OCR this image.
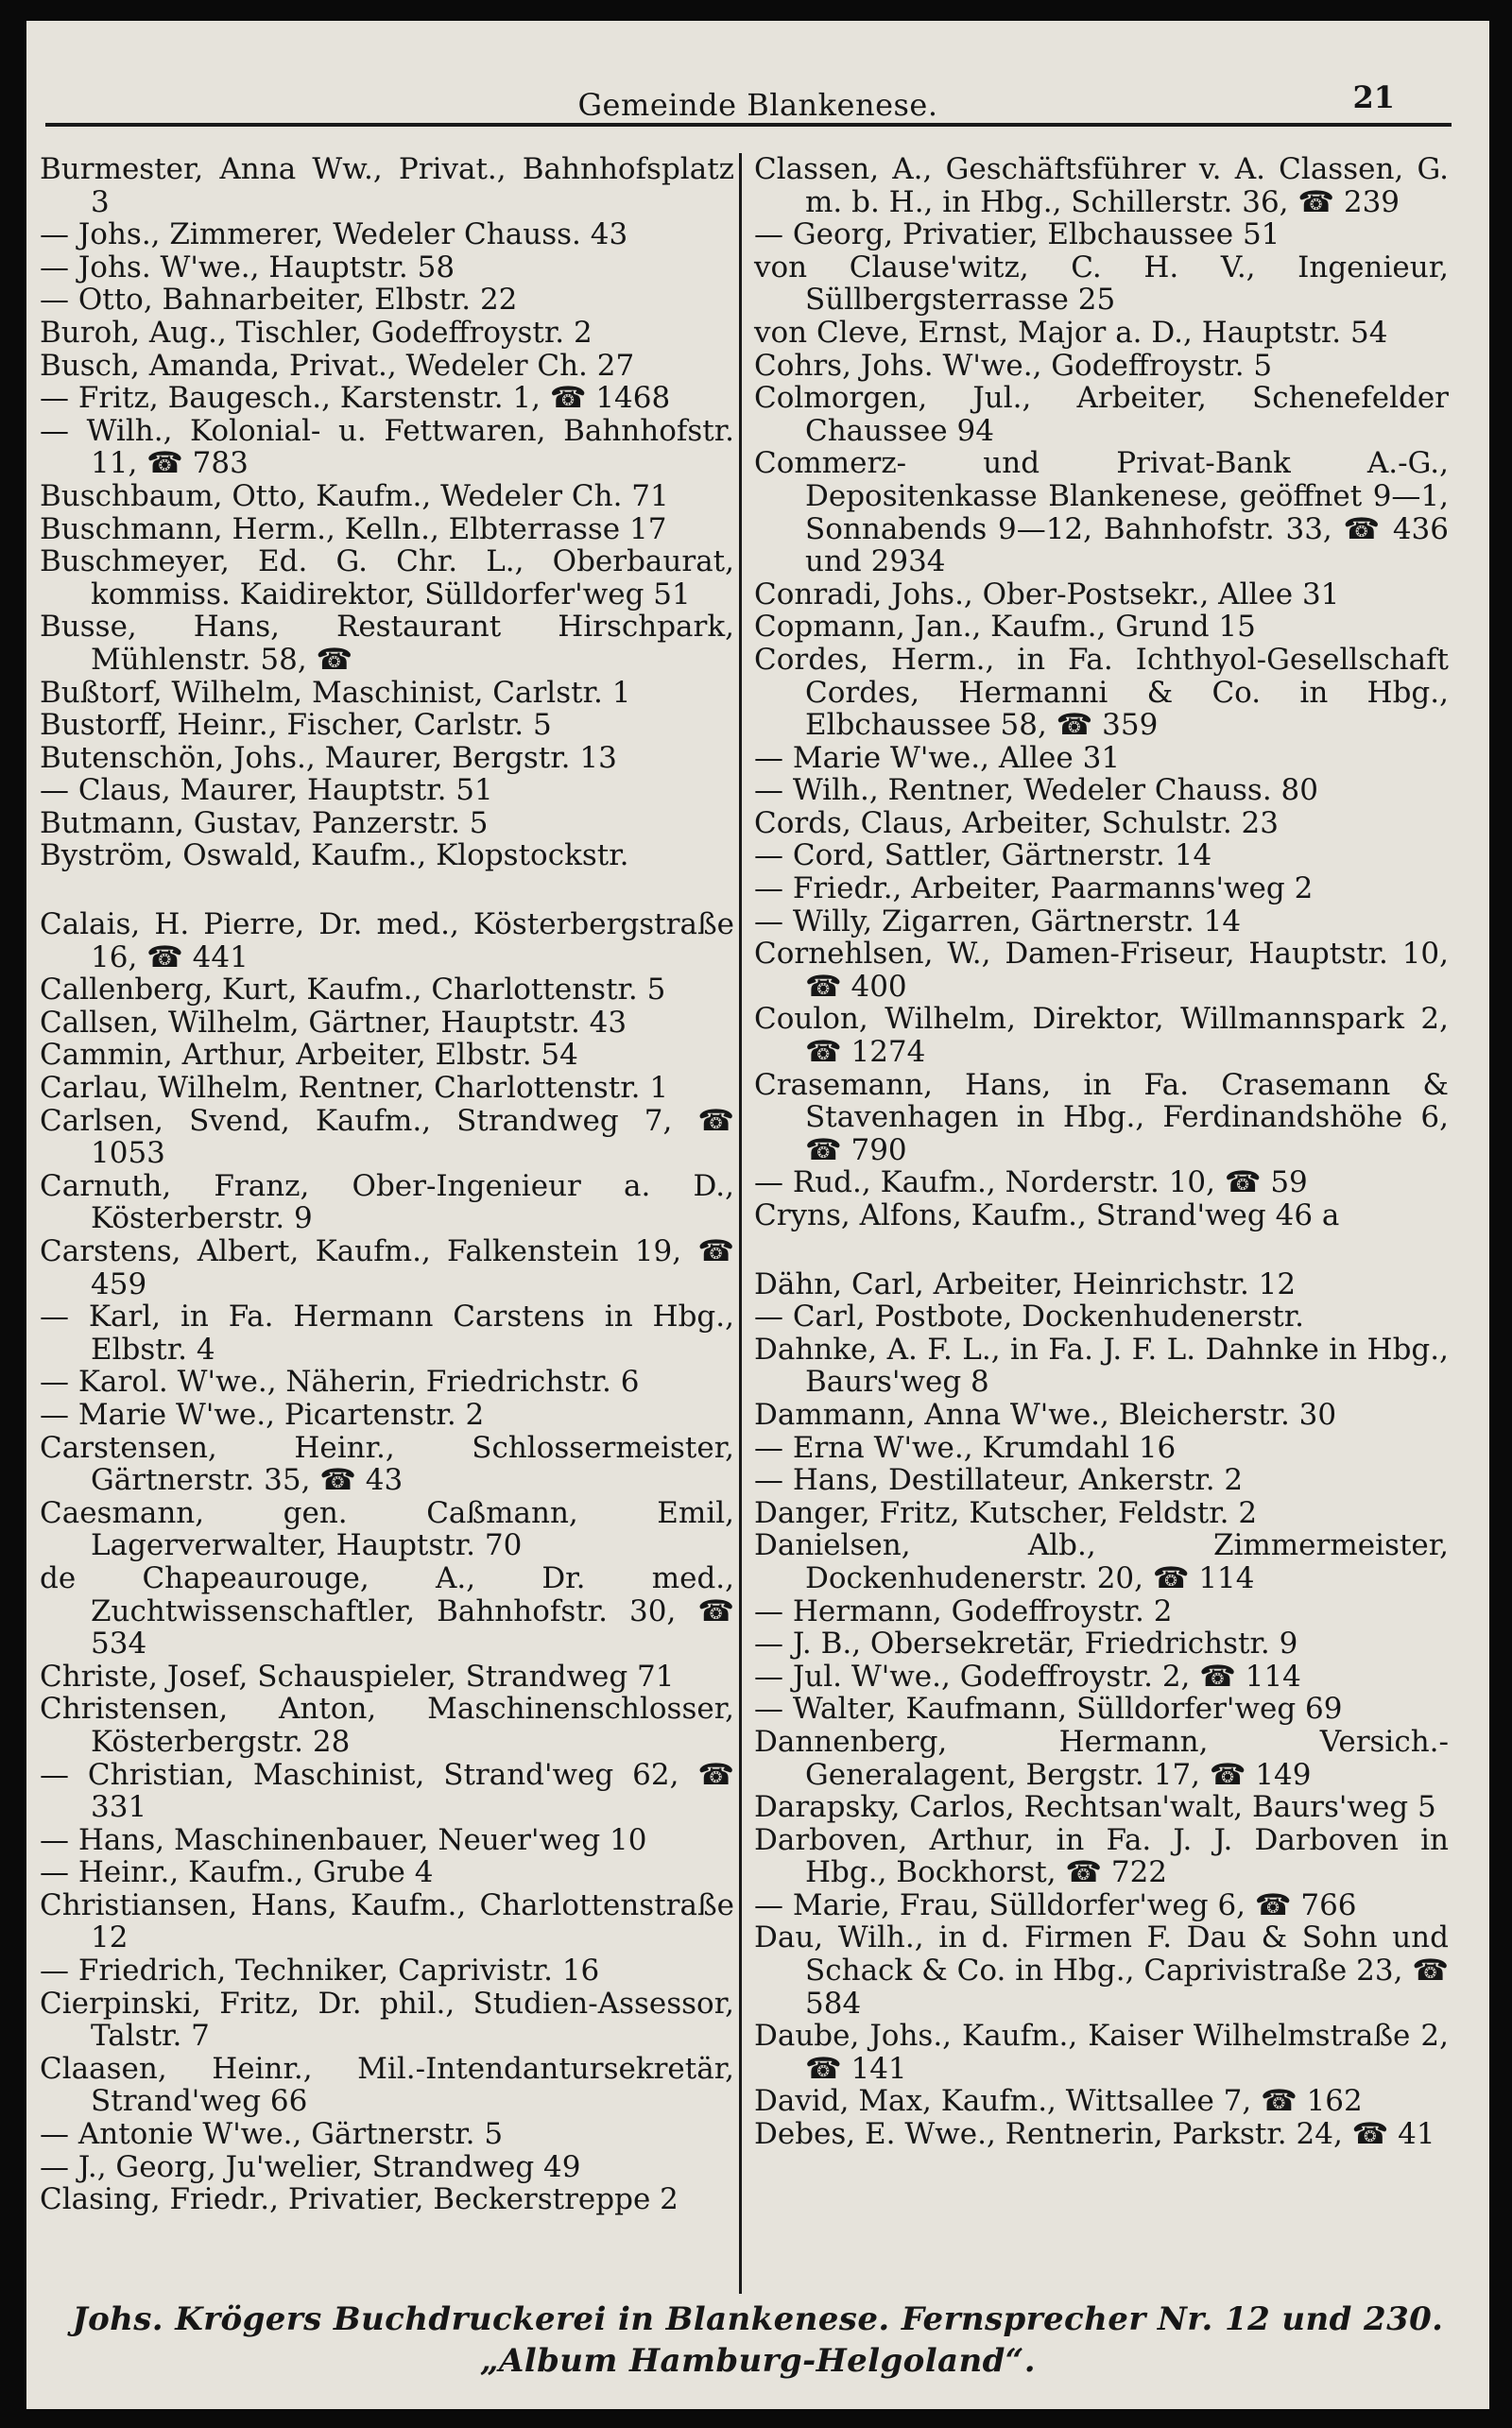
Gemeinde Blankenese.	21

Burmester, Anna Ww., Privat., Bahnhofsplatz 3

— Johs., Zimmerer, Wedeler Chauss. 43

— Johs. W'we., Hauptstr. 58

— Otto, Bahnarbeiter, Elbstr. 22

Buroh, Aug., Tischler, Godeffroystr. 2

Busch, Amanda, Privat., Wedeler Ch. 27

— Fritz, Baugesch., Karstenstr. 1, ☎ 1468

— Wilh., Kolonial- u. Fettwaren, Bahnhofstr. 11, ☎ 783

Buschbaum, Otto, Kaufm., Wedeler Ch. 71

Buschmann, Herm., Kelln., Elbterrasse 17

Buschmeyer, Ed. G. Chr. L., Oberbaurat, kommiss. Kaidirektor, Sülldorfer'weg 51

Busse, Hans, Restaurant Hirschpark, Mühlenstr. 58, ☎

Bußtorf, Wilhelm, Maschinist, Carlstr. 1

Bustorff, Heinr., Fischer, Carlstr. 5

Butenschön, Johs., Maurer, Bergstr. 13

— Claus, Maurer, Hauptstr. 51

Butmann, Gustav, Panzerstr. 5

Byström, Oswald, Kaufm., Klopstockstr.

Calais, H. Pierre, Dr. med., Kösterbergstraße 16, ☎ 441

Callenberg, Kurt, Kaufm., Charlottenstr. 5

Callsen, Wilhelm, Gärtner, Hauptstr. 43

Cammin, Arthur, Arbeiter, Elbstr. 54

Carlau, Wilhelm, Rentner, Charlottenstr. 1

Carlsen, Svend, Kaufm., Strandweg 7, ☎ 1053

Carnuth, Franz, Ober-Ingenieur a. D., Kösterberstr. 9

Carstens, Albert, Kaufm., Falkenstein 19, ☎ 459

— Karl, in Fa. Hermann Carstens in Hbg., Elbstr. 4

— Karol. W'we., Näherin, Friedrichstr. 6

— Marie W'we., Picartenstr. 2

Carstensen, Heinr., Schlossermeister, Gärtnerstr. 35, ☎ 43

Caesmann, gen. Caßmann, Emil, Lagerverwalter, Hauptstr. 70

de Chapeaurouge, A., Dr. med., Zuchtwissenschaftler, Bahnhofstr. 30, ☎ 534

Christe, Josef, Schauspieler, Strandweg 71

Christensen, Anton, Maschinenschlosser, Kösterbergstr. 28

— Christian, Maschinist, Strand'weg 62, ☎ 331

— Hans, Maschinenbauer, Neuer'weg 10

— Heinr., Kaufm., Grube 4

Christiansen, Hans, Kaufm., Charlottenstraße 12

— Friedrich, Techniker, Caprivistr. 16

Cierpinski, Fritz, Dr. phil., Studien-Assessor, Talstr. 7

Claasen, Heinr., Mil.-Intendantursekretär, Strand'weg 66

— Antonie W'we., Gärtnerstr. 5

— J., Georg, Ju'welier, Strandweg 49

Clasing, Friedr., Privatier, Beckerstreppe 2

Classen, A., Geschäftsführer v. A. Classen, G. m. b. H., in Hbg., Schillerstr. 36, ☎ 239

— Georg, Privatier, Elbchaussee 51

von Clause'witz, C. H. V., Ingenieur, Süllbergsterrasse 25

von Cleve, Ernst, Major a. D., Hauptstr. 54

Cohrs, Johs. W'we., Godeffroystr. 5

Colmorgen, Jul., Arbeiter, Schenefelder Chaussee 94

Commerz- und Privat-Bank A.-G., Depositenkasse Blankenese, geöffnet 9—1, Sonnabends 9—12, Bahnhofstr. 33, ☎ 436 und 2934

Conradi, Johs., Ober-Postsekr., Allee 31

Copmann, Jan., Kaufm., Grund 15

Cordes, Herm., in Fa. Ichthyol-Gesellschaft Cordes, Hermanni & Co. in Hbg., Elbchaussee 58, ☎ 359

— Marie W'we., Allee 31

— Wilh., Rentner, Wedeler Chauss. 80

Cords, Claus, Arbeiter, Schulstr. 23

— Cord, Sattler, Gärtnerstr. 14

— Friedr., Arbeiter, Paarmanns'weg 2

— Willy, Zigarren, Gärtnerstr. 14

Cornehlsen, W., Damen-Friseur, Hauptstr. 10, ☎ 400

Coulon, Wilhelm, Direktor, Willmannspark 2, ☎ 1274

Crasemann, Hans, in Fa. Crasemann & Stavenhagen in Hbg., Ferdinandshöhe 6, ☎ 790

— Rud., Kaufm., Norderstr. 10, ☎ 59

Cryns, Alfons, Kaufm., Strand'weg 46 a

Dähn, Carl, Arbeiter, Heinrichstr. 12

— Carl, Postbote, Dockenhudenerstr.

Dahnke, A. F. L., in Fa. J. F. L. Dahnke in Hbg., Baurs'weg 8

Dammann, Anna W'we., Bleicherstr. 30

— Erna W'we., Krumdahl 16

— Hans, Destillateur, Ankerstr. 2

Danger, Fritz, Kutscher, Feldstr. 2

Danielsen, Alb., Zimmermeister, Dockenhudenerstr. 20, ☎ 114

— Hermann, Godeffroystr. 2

— J. B., Obersekretär, Friedrichstr. 9

— Jul. W'we., Godeffroystr. 2, ☎ 114

— Walter, Kaufmann, Sülldorfer'weg 69

Dannenberg, Hermann, Versich.-Generalagent, Bergstr. 17, ☎ 149

Darapsky, Carlos, Rechtsan'walt, Baurs'weg 5

Darboven, Arthur, in Fa. J. J. Darboven in Hbg., Bockhorst, ☎ 722

— Marie, Frau, Sülldorfer'weg 6, ☎ 766

Dau, Wilh., in d. Firmen F. Dau & Sohn und Schack & Co. in Hbg., Caprivistraße 23, ☎ 584

Daube, Johs., Kaufm., Kaiser Wilhelmstraße 2, ☎ 141

David, Max, Kaufm., Wittsallee 7, ☎ 162

Debes, E. Wwe., Rentnerin, Parkstr. 24, ☎ 41

Johs. Krögers Buchdruckerei in Blankenese. Fernsprecher Nr. 12 und 230.
„Album Hamburg-Helgoland“.
